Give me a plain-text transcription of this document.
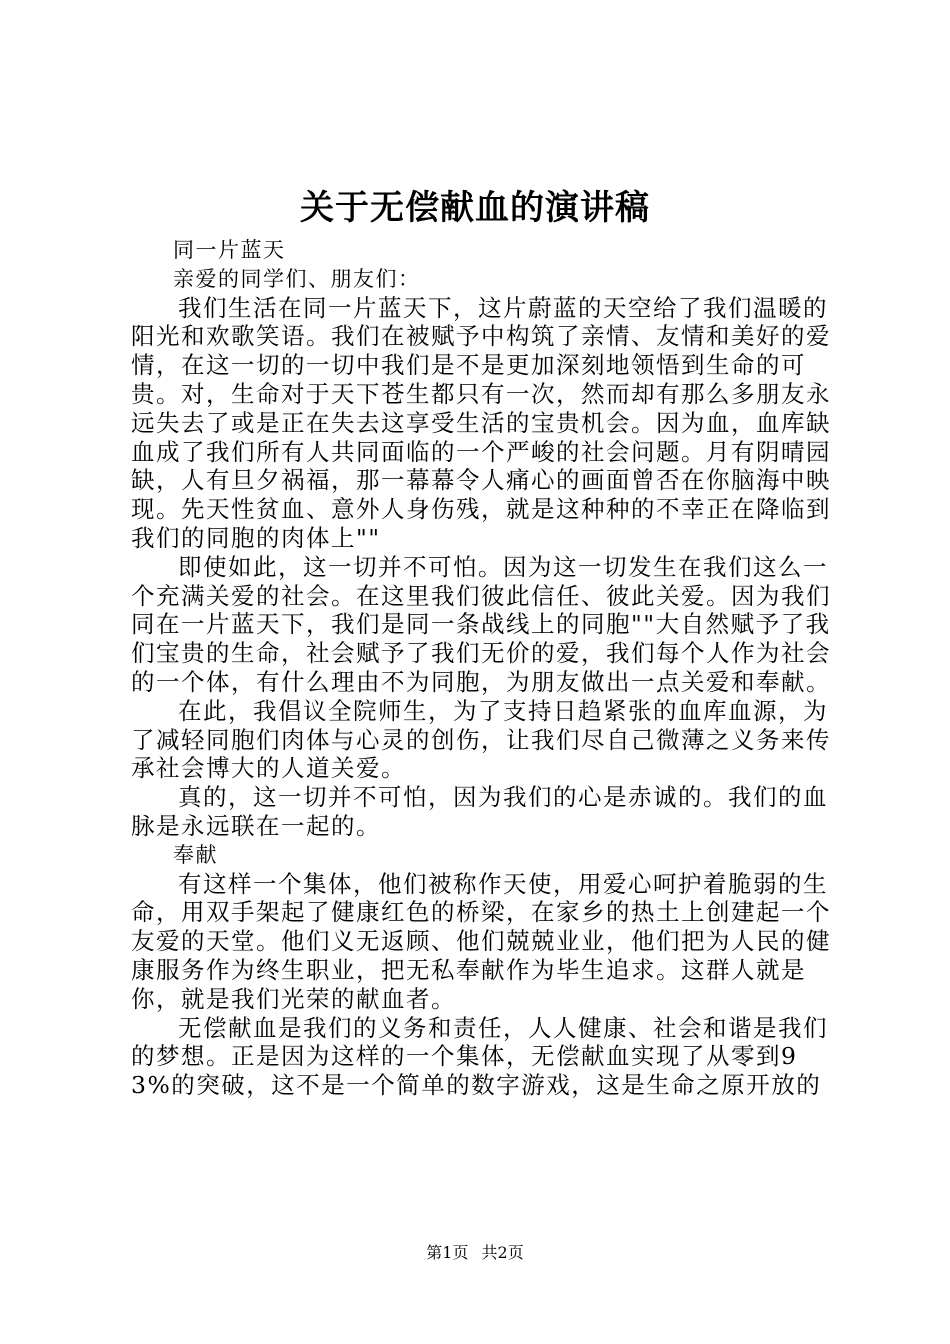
关于无偿献血的演讲稿

同一片蓝天

亲爱的同学们、朋友们：

我们生活在同一片蓝天下，这片蔚蓝的天空给了我们温暖的阳光和欢歌笑语。我们在被赋予中构筑了亲情、友情和美好的爱情，在这一切的一切中我们是不是更加深刻地领悟到生命的可贵。对，生命对于天下苍生都只有一次，然而却有那么多朋友永远失去了或是正在失去这享受生活的宝贵机会。因为血，血库缺血成了我们所有人共同面临的一个严峻的社会问题。月有阴晴园缺，人有旦夕祸福，那一幕幕令人痛心的画面曾否在你脑海中映现。先天性贫血、意外人身伤残，就是这种种的不幸正在降临到我们的同胞的肉体上""

即使如此，这一切并不可怕。因为这一切发生在我们这么一个充满关爱的社会。在这里我们彼此信任、彼此关爱。因为我们同在一片蓝天下，我们是同一条战线上的同胞""大自然赋予了我们宝贵的生命，社会赋予了我们无价的爱，我们每个人作为社会的一个体，有什么理由不为同胞，为朋友做出一点关爱和奉献。

在此，我倡议全院师生，为了支持日趋紧张的血库血源，为了减轻同胞们肉体与心灵的创伤，让我们尽自己微薄之义务来传承社会博大的人道关爱。

真的，这一切并不可怕，因为我们的心是赤诚的。我们的血脉是永远联在一起的。

奉献

有这样一个集体，他们被称作天使，用爱心呵护着脆弱的生命，用双手架起了健康红色的桥梁，在家乡的热土上创建起一个友爱的天堂。他们义无返顾、他们兢兢业业，他们把为人民的健康服务作为终生职业，把无私奉献作为毕生追求。这群人就是你，就是我们光荣的献血者。

无偿献血是我们的义务和责任，人人健康、社会和谐是我们的梦想。正是因为这样的一个集体，无偿献血实现了从零到93%的突破，这不是一个简单的数字游戏，这是生命之原开放的

第1页 共2页
